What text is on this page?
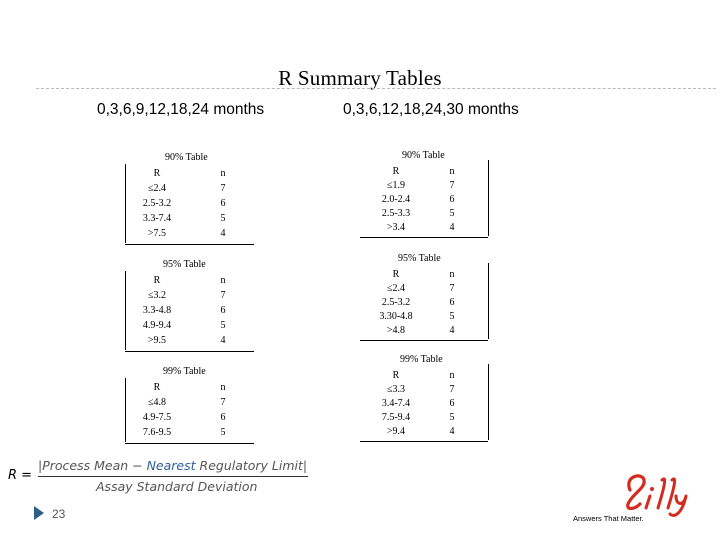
R Summary Tables
0,3,6,9,12,18,24 months	0,3,6,12,18,24,30 months
90% Table
R	n
≤2.4	7
2.5-3.2	6
3.3-7.4	5
>7.5	4
95% Table
R	n
≤3.2	7
3.3-4.8	6
4.9-9.4	5
>9.5	4
99% Table
R	n
≤4.8	7
4.9-7.5	6
7.6-9.5	5
90% Table
R	n
≤1.9	7
2.0-2.4	6
2.5-3.3	5
>3.4	4
95% Table
R	n
≤2.4	7
2.5-3.2	6
3.30-4.8	5
>4.8	4
99% Table
R	n
≤3.3	7
3.4-7.4	6
7.5-9.4	5
>9.4	4
R =
|Process Mean − Nearest Regulatory Limit|
Assay Standard Deviation
23	Answers That Matter.
